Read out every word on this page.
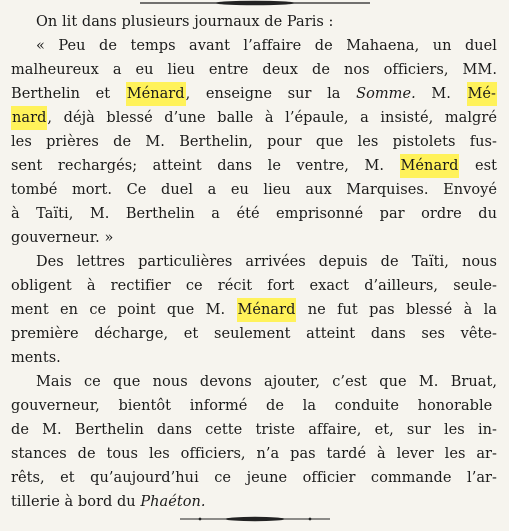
On lit dans plusieurs journaux de Paris :
« Peu de temps avant l’affaire de Mahaena, un duel
malheureux a eu lieu entre deux de nos officiers, MM.
Berthelin et Ménard , enseigne sur la Somme. M. Mé-
nard , déjà blessé d’une balle à l’épaule, a insisté, malgré
les prières de M. Berthelin, pour que les pistolets fus-
sent rechargés; atteint dans le ventre, M. Ménard est
tombé mort. Ce duel a eu lieu aux Marquises. Envoyé
à Taïti, M. Berthelin a été emprisonné par ordre du
gouverneur. »
Des lettres particulières arrivées depuis de Taïti, nous
obligent à rectifier ce récit fort exact d’ailleurs, seule-
ment en ce point que M. Ménard ne fut pas blessé à la
première décharge, et seulement atteint dans ses vête-
ments.
Mais ce que nous devons ajouter, c’est que M. Bruat,
gouverneur, bientôt informé de la conduite honorable
de M. Berthelin dans cette triste affaire, et, sur les in-
stances de tous les officiers, n’a pas tardé à lever les ar-
rêts, et qu’aujourd’hui ce jeune officier commande l’ar-
tillerie à bord du Phaéton.
